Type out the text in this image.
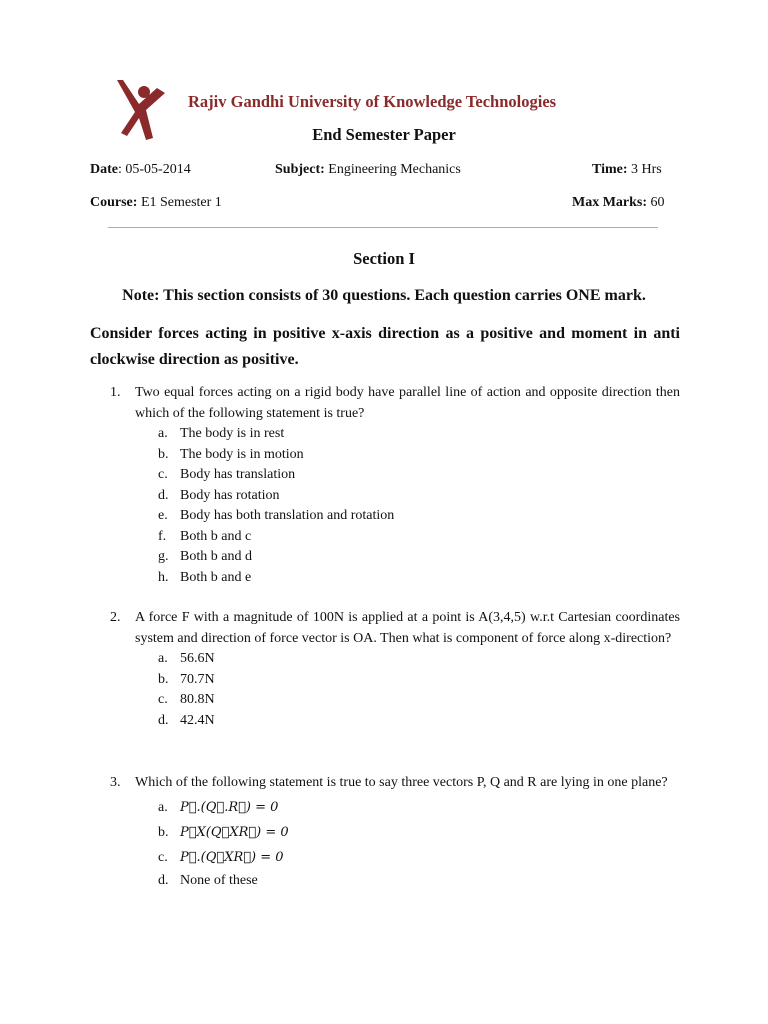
Rajiv Gandhi University of Knowledge Technologies
End Semester Paper
Date: 05-05-2014	Subject: Engineering Mechanics	Time: 3 Hrs
Course: E1 Semester 1	Max Marks: 60
Section I
Note: This section consists of 30 questions. Each question carries ONE mark.
Consider forces acting in positive x-axis direction as a positive and moment in anti clockwise direction as positive.
1. Two equal forces acting on a rigid body have parallel line of action and opposite direction then which of the following statement is true?
a. The body is in rest
b. The body is in motion
c. Body has translation
d. Body has rotation
e. Body has both translation and rotation
f. Both b and c
g. Both b and d
h. Both b and e
2. A force F with a magnitude of 100N is applied at a point is A(3,4,5) w.r.t Cartesian coordinates system and direction of force vector is OA. Then what is component of force along x-direction?
a. 56.6N
b. 70.7N
c. 80.8N
d. 42.4N
3. Which of the following statement is true to say three vectors P, Q and R are lying in one plane?
a. P⃗.(Q⃗.R⃗) = 0
b. P⃗X(Q⃗XR⃗) = 0
c. P⃗.(Q⃗XR⃗) = 0
d. None of these
